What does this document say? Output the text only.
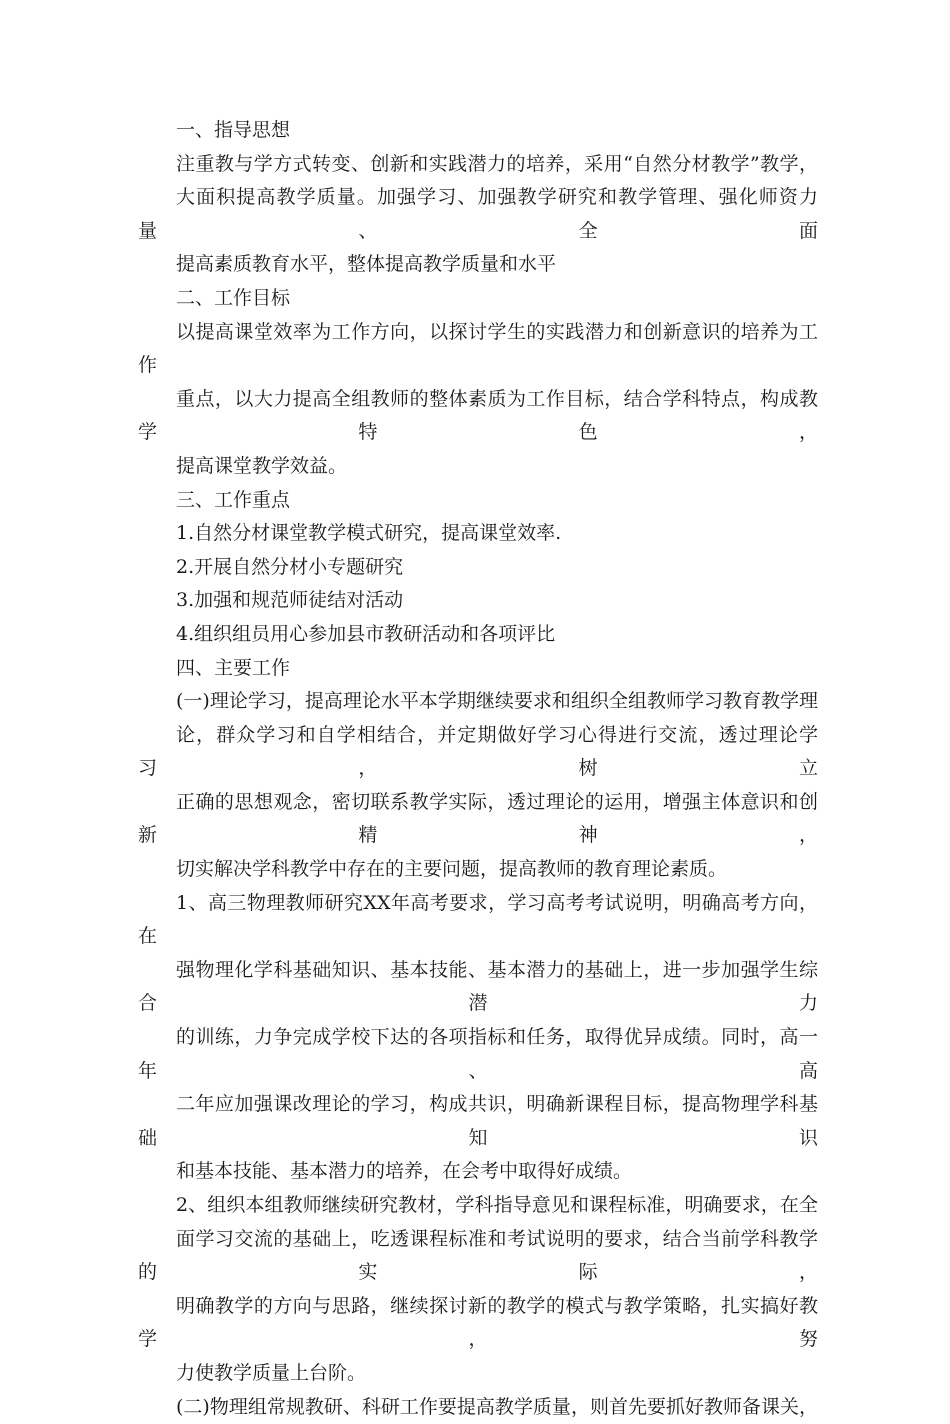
一、指导思想

注重教与学方式转变、创新和实践潜力的培养，采用“自然分材教学”教学，
大面积提高教学质量。加强学习、加强教学研究和教学管理、强化师资力量、全面
提高素质教育水平，整体提高教学质量和水平

二、工作目标

以提高课堂效率为工作方向，以探讨学生的实践潜力和创新意识的培养为工作
重点，以大力提高全组教师的整体素质为工作目标，结合学科特点，构成教学特色，
提高课堂教学效益。

三、工作重点

1.自然分材课堂教学模式研究，提高课堂效率.

2.开展自然分材小专题研究

3.加强和规范师徒结对活动

4.组织组员用心参加县市教研活动和各项评比

四、主要工作

(一)理论学习，提高理论水平本学期继续要求和组织全组教师学习教育教学理
论，群众学习和自学相结合，并定期做好学习心得进行交流，透过理论学习，树立
正确的思想观念，密切联系教学实际，透过理论的运用，增强主体意识和创新精神，
切实解决学科教学中存在的主要问题，提高教师的教育理论素质。
1、高三物理教师研究XX年高考要求，学习高考考试说明，明确高考方向，在
强物理化学科基础知识、基本技能、基本潜力的基础上，进一步加强学生综合潜力
的训练，力争完成学校下达的各项指标和任务，取得优异成绩。同时，高一年、高
二年应加强课改理论的学习，构成共识，明确新课程目标，提高物理学科基础知识
和基本技能、基本潜力的培养，在会考中取得好成绩。
2、组织本组教师继续研究教材，学科指导意见和课程标准，明确要求，在全
面学习交流的基础上，吃透课程标准和考试说明的要求，结合当前学科教学的实际，
明确教学的方向与思路，继续探讨新的教学的模式与教学策略，扎实搞好教学，努
力使教学质量上台阶。
(二)物理组常规教研、科研工作要提高教学质量，则首先要抓好教师备课关，
